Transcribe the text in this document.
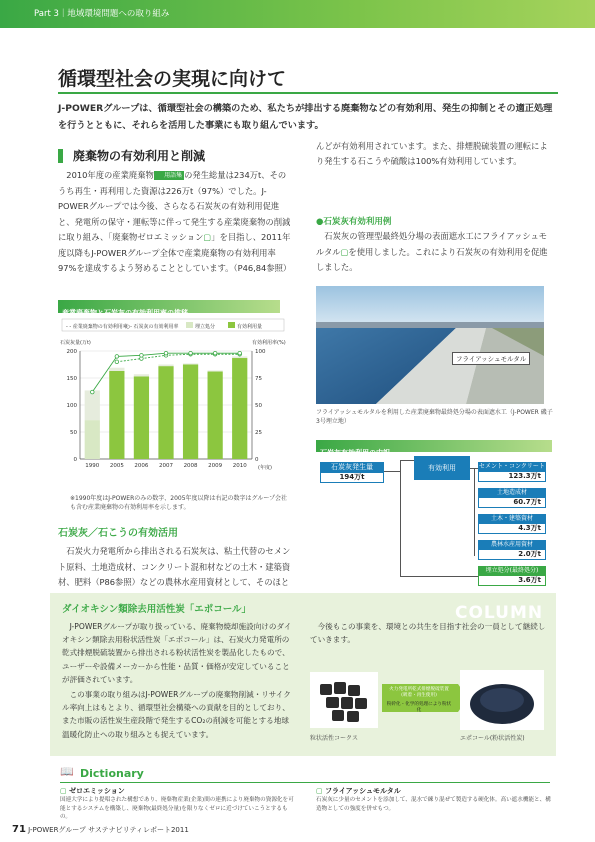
Part 3｜地域環境問題への取り組み
循環型社会の実現に向けて
J-POWERグループは、循環型社会の構築のため、私たちが排出する廃棄物などの有効利用、発生の抑制とその適正処理を行うとともに、それらを活用した事業にも取り組んでいます。
廃棄物の有効利用と削減
2010年度の産業廃棄物 用語集 の発生総量は234万t、そのうち再生・再利用した資源は226万t（97%）でした。J-POWERグループでは今後、さらなる石炭灰の有効利用促進と、発電所の保守・運転等に伴って発生する産業廃棄物の削減に取り組み、「廃棄物ゼロエミッション▢」を目指し、2011年度以降もJ-POWERグループ全体で産業廃棄物の有効利用率97%を達成するよう努めることとしています。（P46,84参照）
産業廃棄物と石炭灰の有効利用率の推移
- - 産業廃棄物の有効利用率
-○- 石炭灰の有効利用率	埋立処分	有効利用量
石炭灰量(万t)	有効利用率(%)
(年度)
0
50
100
150
200
0
25
50
75
100
1990 2005 2006 2007 2008 2009 2010
※1990年度はJ-POWERのみの数字、2005年度以降は右記の数字はグループ会社も含む産業廃棄物の有効利用率を示します。
石炭灰／石こうの有効活用
石炭火力発電所から排出される石炭灰は、粘土代替のセメント原料、土地造成材、コンクリート混和材などの土木・建築資材、肥料（P86参照）などの農林水産用資材として、そのほと
んどが有効利用されています。また、排煙脱硫装置の運転により発生する石こうや硫酸は100%有効利用しています。
●石炭灰有効利用例
石炭灰の管理型最終処分場の表面遮水工にフライアッシュモルタル▢を使用しました。これにより石炭灰の有効利用を促進しました。
フライアッシュモルタル
フライアッシュモルタルを利用した産業廃棄物最終処分場の表面遮水工（J-POWER 磯子3号埋立地）
石炭灰有効利用の内訳
石炭灰発生量
194万t
有効利用	セメント・コンクリート
123.3万t
土地造成材
60.7万t
土木・建築資材
4.3万t
農林水産用資材
2.0万t
埋立処分(最終処分)
3.6万t
COLUMN
ダイオキシン類除去用活性炭「エポコール」
J-POWERグループが取り扱っている、廃棄物焼却施設向けのダイオキシン類除去用粉状活性炭「エポコール」は、石炭火力発電所の乾式排煙脱硫装置から排出される粉状活性炭を製品化したもので、ユーザーや設備メーカーから性能・品質・価格が安定していることが評価されています。
この事業の取り組みはJ-POWERグループの廃棄物削減・リサイクル率向上はもとより、循環型社会構築への貢献を目的としており、また市販の活性炭生産段階で発生するCO₂の削減を可能とする地球温暖化防止への取り組みとも捉えています。
今後もこの事業を、環境との共生を目指す社会の一員として継続していきます。
火力発電所乾式排煙脱硫装置(吸着・再生使用)
粉砕化・化学的処理により粉状化
粒状活性コークス	エポコール(粉状活性炭)
📖 Dictionary
▢ ゼロエミッション
国連大学により提唱された構想であり、廃棄物産業(企業)間の連携により廃棄物の資源化を可能とするシステムを構築し、廃棄物(最終処分量)を限りなくゼロに近づけていこうとするもの。
▢ フライアッシュモルタル
石炭灰に少量のセメントを添加して、混水で練り混ぜて製造する硬化体。高い遮水機能と、構造物としての強度を併せもつ。
71 J-POWERグループ サステナビリティレポート2011
